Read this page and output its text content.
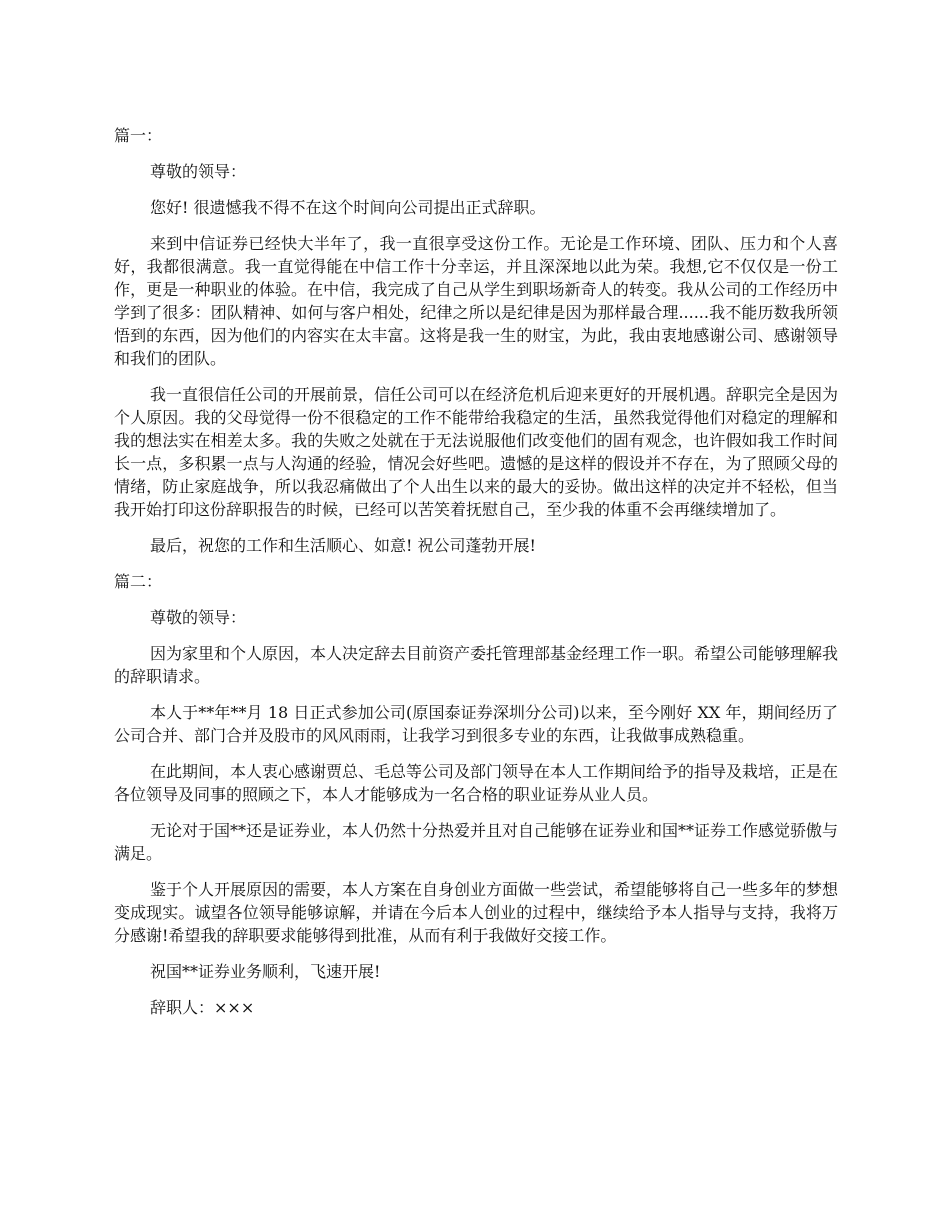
篇一：

尊敬的领导：

您好! 很遗憾我不得不在这个时间向公司提出正式辞职。

来到中信证券已经快大半年了，我一直很享受这份工作。无论是工作环境、团队、压力和个人喜好，我都很满意。我一直觉得能在中信工作十分幸运，并且深深地以此为荣。我想,它不仅仅是一份工作，更是一种职业的体验。在中信，我完成了自己从学生到职场新奇人的转变。我从公司的工作经历中学到了很多：团队精神、如何与客户相处，纪律之所以是纪律是因为那样最合理......我不能历数我所领悟到的东西，因为他们的内容实在太丰富。这将是我一生的财宝，为此，我由衷地感谢公司、感谢领导和我们的团队。

我一直很信任公司的开展前景，信任公司可以在经济危机后迎来更好的开展机遇。辞职完全是因为个人原因。我的父母觉得一份不很稳定的工作不能带给我稳定的生活，虽然我觉得他们对稳定的理解和我的想法实在相差太多。我的失败之处就在于无法说服他们改变他们的固有观念，也许假如我工作时间长一点，多积累一点与人沟通的经验，情况会好些吧。遗憾的是这样的假设并不存在，为了照顾父母的情绪，防止家庭战争，所以我忍痛做出了个人出生以来的最大的妥协。做出这样的决定并不轻松，但当我开始打印这份辞职报告的时候，已经可以苦笑着抚慰自己，至少我的体重不会再继续增加了。

最后，祝您的工作和生活顺心、如意! 祝公司蓬勃开展!

篇二：

尊敬的领导：

因为家里和个人原因，本人决定辞去目前资产委托管理部基金经理工作一职。希望公司能够理解我的辞职请求。

本人于**年**月 18 日正式参加公司(原国泰证券深圳分公司)以来，至今刚好 XX 年，期间经历了公司合并、部门合并及股市的风风雨雨，让我学习到很多专业的东西，让我做事成熟稳重。

在此期间，本人衷心感谢贾总、毛总等公司及部门领导在本人工作期间给予的指导及栽培，正是在各位领导及同事的照顾之下，本人才能够成为一名合格的职业证券从业人员。

无论对于国**还是证券业，本人仍然十分热爱并且对自己能够在证券业和国**证券工作感觉骄傲与满足。

鉴于个人开展原因的需要，本人方案在自身创业方面做一些尝试，希望能够将自己一些多年的梦想变成现实。诚望各位领导能够谅解，并请在今后本人创业的过程中，继续给予本人指导与支持，我将万分感谢!希望我的辞职要求能够得到批准，从而有利于我做好交接工作。

祝国**证券业务顺利，飞速开展!

辞职人：×××
